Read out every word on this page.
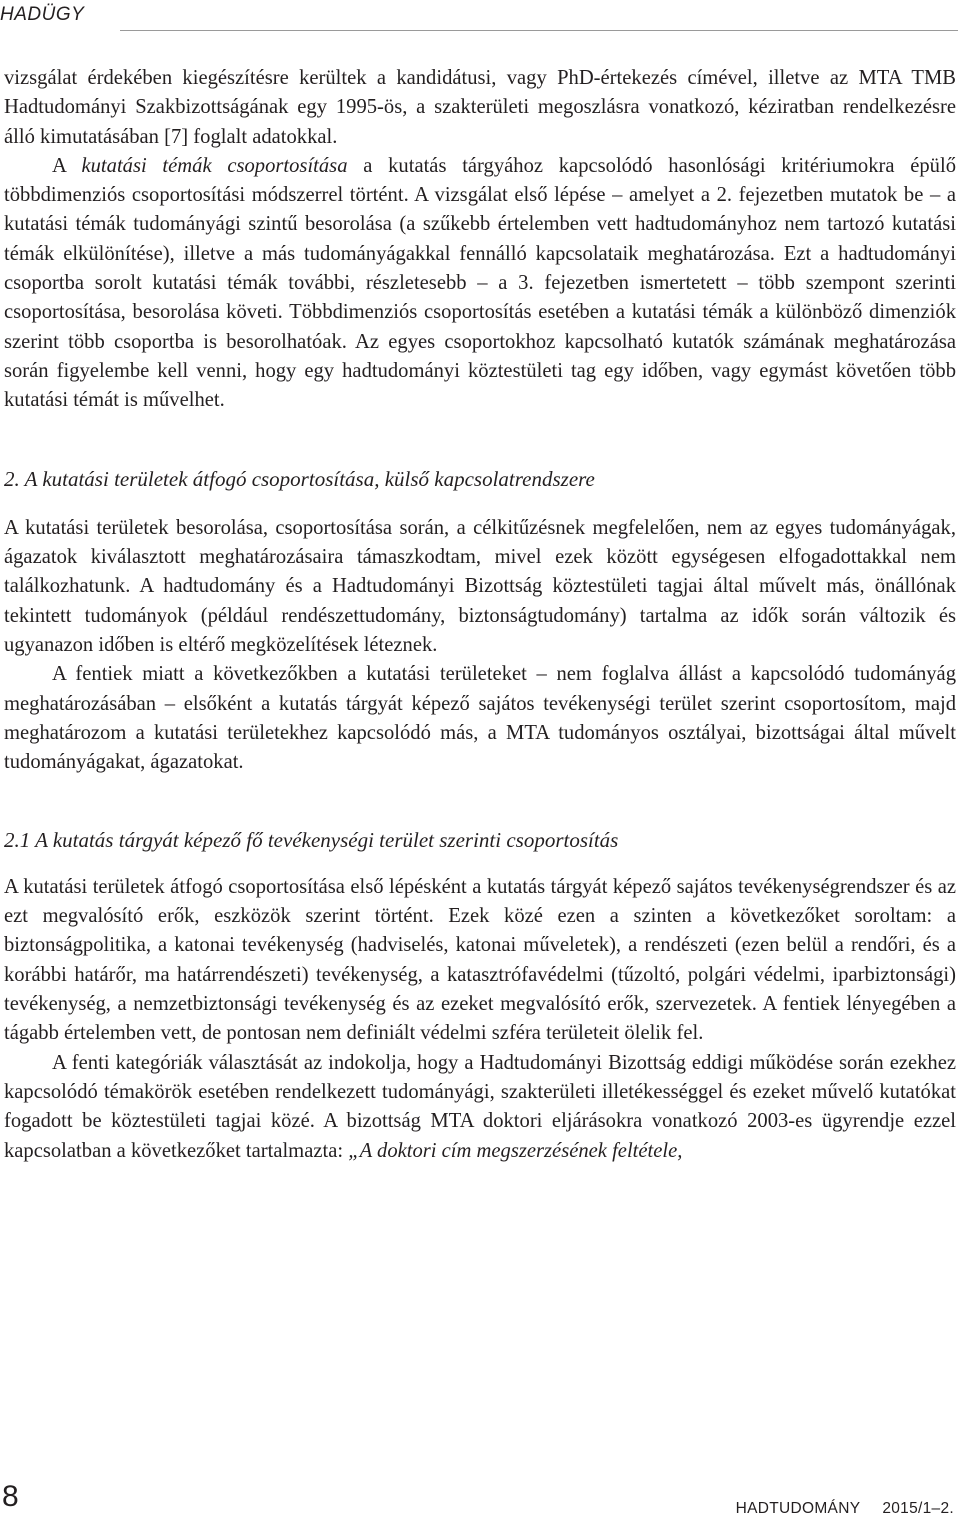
HADÜGY

vizsgálat érdekében kiegészítésre kerültek a kandidátusi, vagy PhD-értekezés címével, illetve az MTA TMB Hadtudományi Szakbizottságának egy 1995-ös, a szakterületi megoszlásra vonatkozó, kéziratban rendelkezésre álló kimutatásában [7] foglalt adatokkal.

A kutatási témák csoportosítása a kutatás tárgyához kapcsolódó hasonlósági kritériumokra épülő többdimenziós csoportosítási módszerrel történt. A vizsgálat első lépése – amelyet a 2. fejezetben mutatok be – a kutatási témák tudományági szintű besorolása (a szűkebb értelemben vett hadtudományhoz nem tartozó kutatási témák elkülönítése), illetve a más tudományágakkal fennálló kapcsolataik meghatározása. Ezt a hadtudományi csoportba sorolt kutatási témák további, részletesebb – a 3. fejezetben ismertetett – több szempont szerinti csoportosítása, besorolása követi. Többdimenziós csoportosítás esetében a kutatási témák a különböző dimenziók szerint több csoportba is besorolhatóak. Az egyes csoportokhoz kapcsolható kutatók számának meghatározása során figyelembe kell venni, hogy egy hadtudományi köztestületi tag egy időben, vagy egymást követően több kutatási témát is művelhet.

2. A kutatási területek átfogó csoportosítása, külső kapcsolatrendszere

A kutatási területek besorolása, csoportosítása során, a célkitűzésnek megfelelően, nem az egyes tudományágak, ágazatok kiválasztott meghatározásaira támaszkodtam, mivel ezek között egységesen elfogadottakkal nem találkozhatunk. A hadtudomány és a Hadtudományi Bizottság köztestületi tagjai által művelt más, önállónak tekintett tudományok (például rendészettudomány, biztonságtudomány) tartalma az idők során változik és ugyanazon időben is eltérő megközelítések léteznek.

A fentiek miatt a következőkben a kutatási területeket – nem foglalva állást a kapcsolódó tudományág meghatározásában – elsőként a kutatás tárgyát képező sajátos tevékenységi terület szerint csoportosítom, majd meghatározom a kutatási területekhez kapcsolódó más, a MTA tudományos osztályai, bizottságai által művelt tudományágakat, ágazatokat.

2.1 A kutatás tárgyát képező fő tevékenységi terület szerinti csoportosítás

A kutatási területek átfogó csoportosítása első lépésként a kutatás tárgyát képező sajátos tevékenységrendszer és az ezt megvalósító erők, eszközök szerint történt. Ezek közé ezen a szinten a következőket soroltam: a biztonságpolitika, a katonai tevékenység (hadviselés, katonai műveletek), a rendészeti (ezen belül a rendőri, és a korábbi határőr, ma határrendészeti) tevékenység, a katasztrófavédelmi (tűzoltó, polgári védelmi, iparbiztonsági) tevékenység, a nemzetbiztonsági tevékenység és az ezeket megvalósító erők, szervezetek. A fentiek lényegében a tágabb értelemben vett, de pontosan nem definiált védelmi szféra területeit ölelik fel.

A fenti kategóriák választását az indokolja, hogy a Hadtudományi Bizottság eddigi működése során ezekhez kapcsolódó témakörök esetében rendelkezett tudományági, szakterületi illetékességgel és ezeket művelő kutatókat fogadott be köztestületi tagjai közé. A bizottság MTA doktori eljárásokra vonatkozó 2003-es ügyrendje ezzel kapcsolatban a következőket tartalmazta: „A doktori cím megszerzésének feltétele,

8	HADTUDOMÁNY 2015/1–2.
